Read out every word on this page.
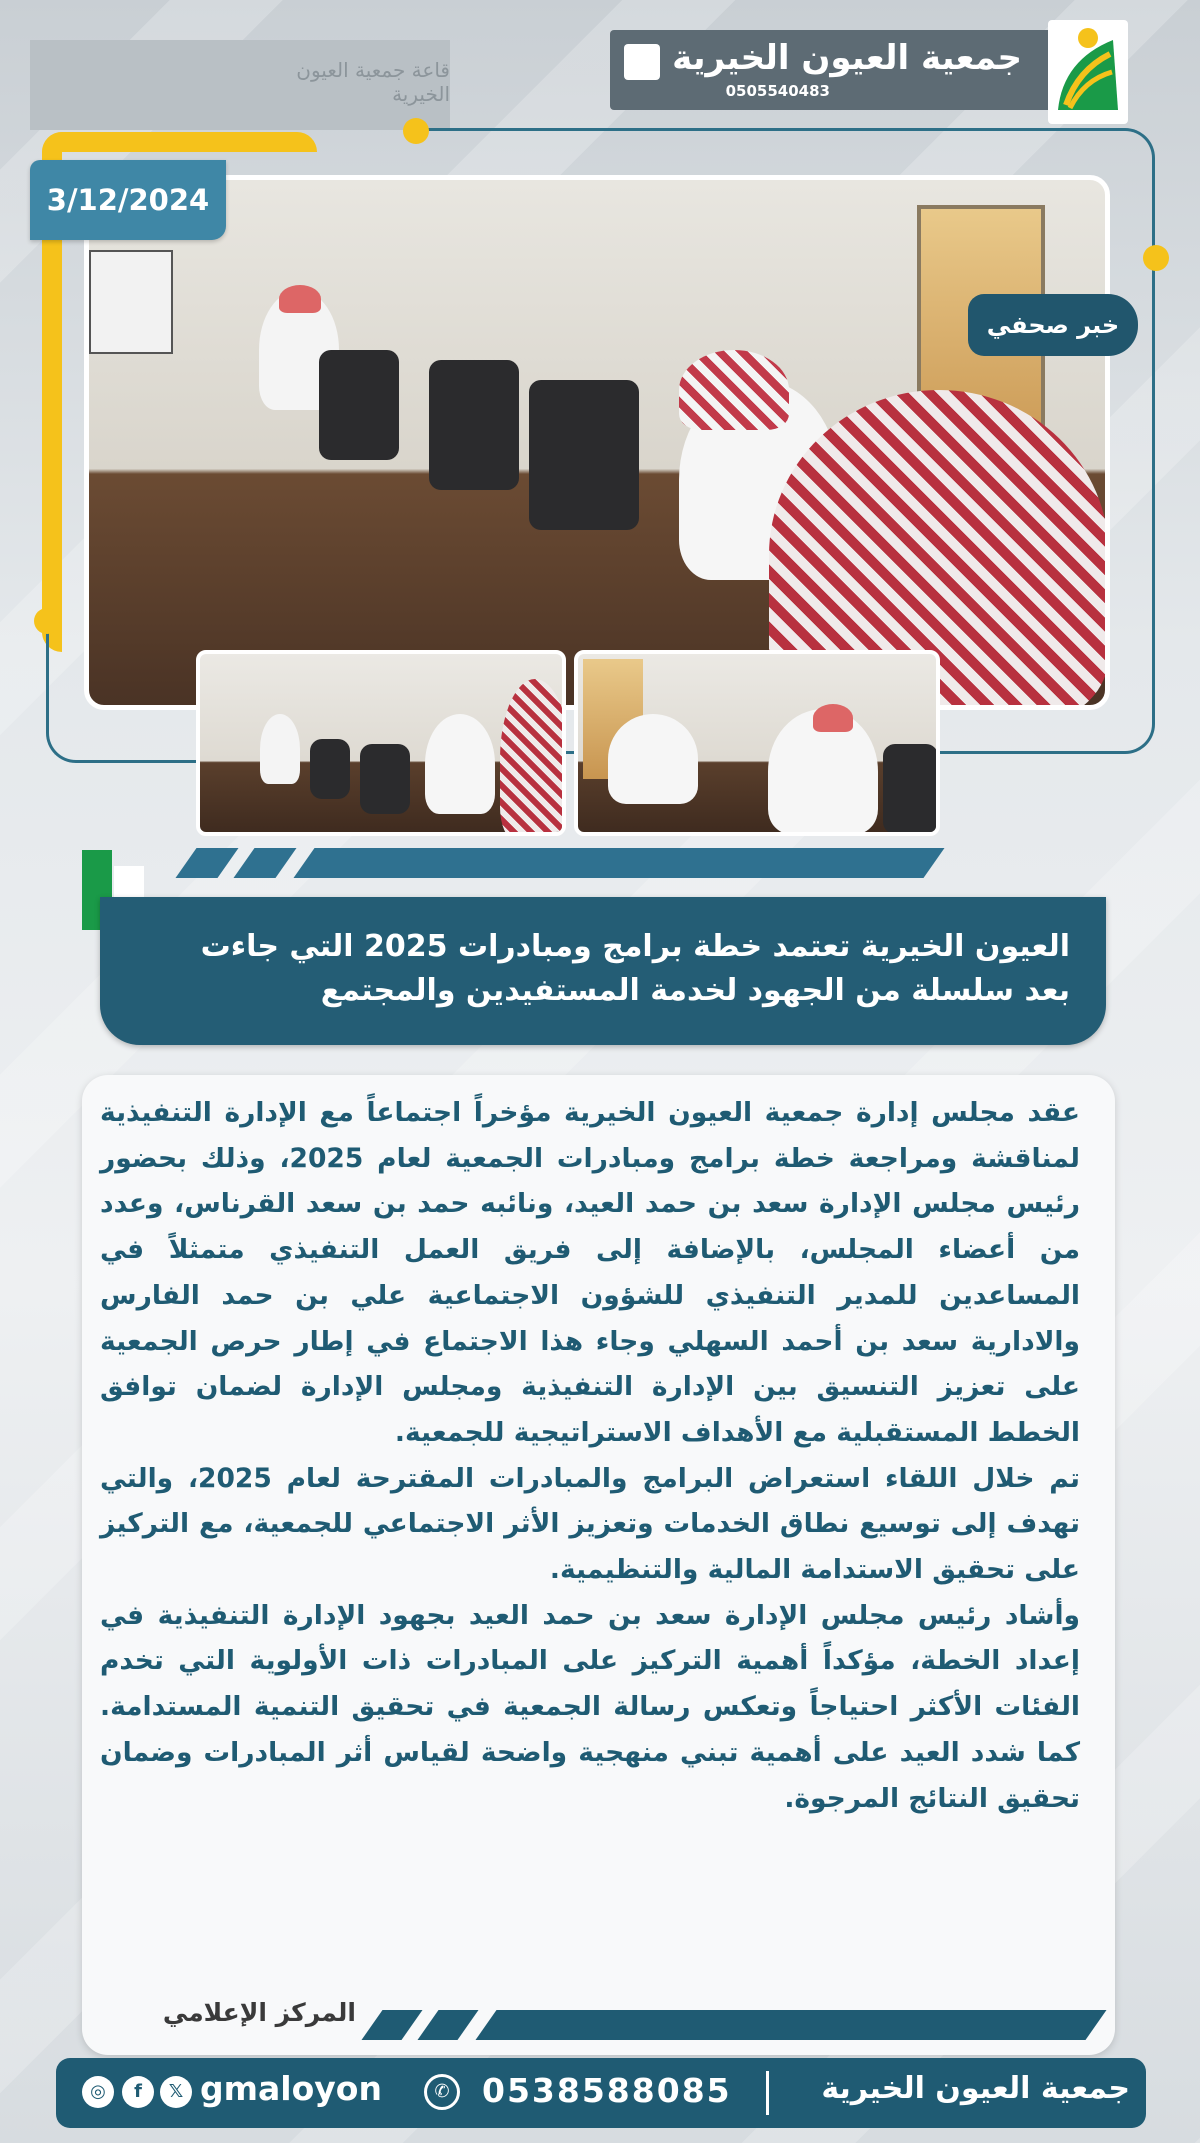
قاعة جمعية العيون الخيرية
جمعية العيون الخيرية
0505540483
3/12/2024
خبر صحفي
العيون الخيرية تعتمد خطة برامج ومبادرات 2025 التي جاءت
بعد سلسلة من الجهود لخدمة المستفيدين والمجتمع

عقد مجلس إدارة جمعية العيون الخيرية مؤخراً اجتماعاً مع الإدارة التنفيذية لمناقشة ومراجعة خطة برامج ومبادرات الجمعية لعام 2025، وذلك بحضور رئيس مجلس الإدارة سعد بن حمد العيد، ونائبه حمد بن سعد القرناس، وعدد من أعضاء المجلس، بالإضافة إلى فريق العمل التنفيذي متمثلاً في المساعدين للمدير التنفيذي للشؤون الاجتماعية علي بن حمد الفارس والادارية سعد بن أحمد السهلي وجاء هذا الاجتماع في إطار حرص الجمعية على تعزيز التنسيق بين الإدارة التنفيذية ومجلس الإدارة لضمان توافق الخطط المستقبلية مع الأهداف الاستراتيجية للجمعية.

تم خلال اللقاء استعراض البرامج والمبادرات المقترحة لعام 2025، والتي تهدف إلى توسيع نطاق الخدمات وتعزيز الأثر الاجتماعي للجمعية، مع التركيز على تحقيق الاستدامة المالية والتنظيمية.

وأشاد رئيس مجلس الإدارة سعد بن حمد العيد بجهود الإدارة التنفيذية في إعداد الخطة، مؤكداً أهمية التركيز على المبادرات ذات الأولوية التي تخدم الفئات الأكثر احتياجاً وتعكس رسالة الجمعية في تحقيق التنمية المستدامة. كما شدد العيد على أهمية تبني منهجية واضحة لقياس أثر المبادرات وضمان تحقيق النتائج المرجوة.

المركز الإعلامي
جمعية العيون الخيرية
0538588085
✆
gmaloyon
𝕏
f
◎
